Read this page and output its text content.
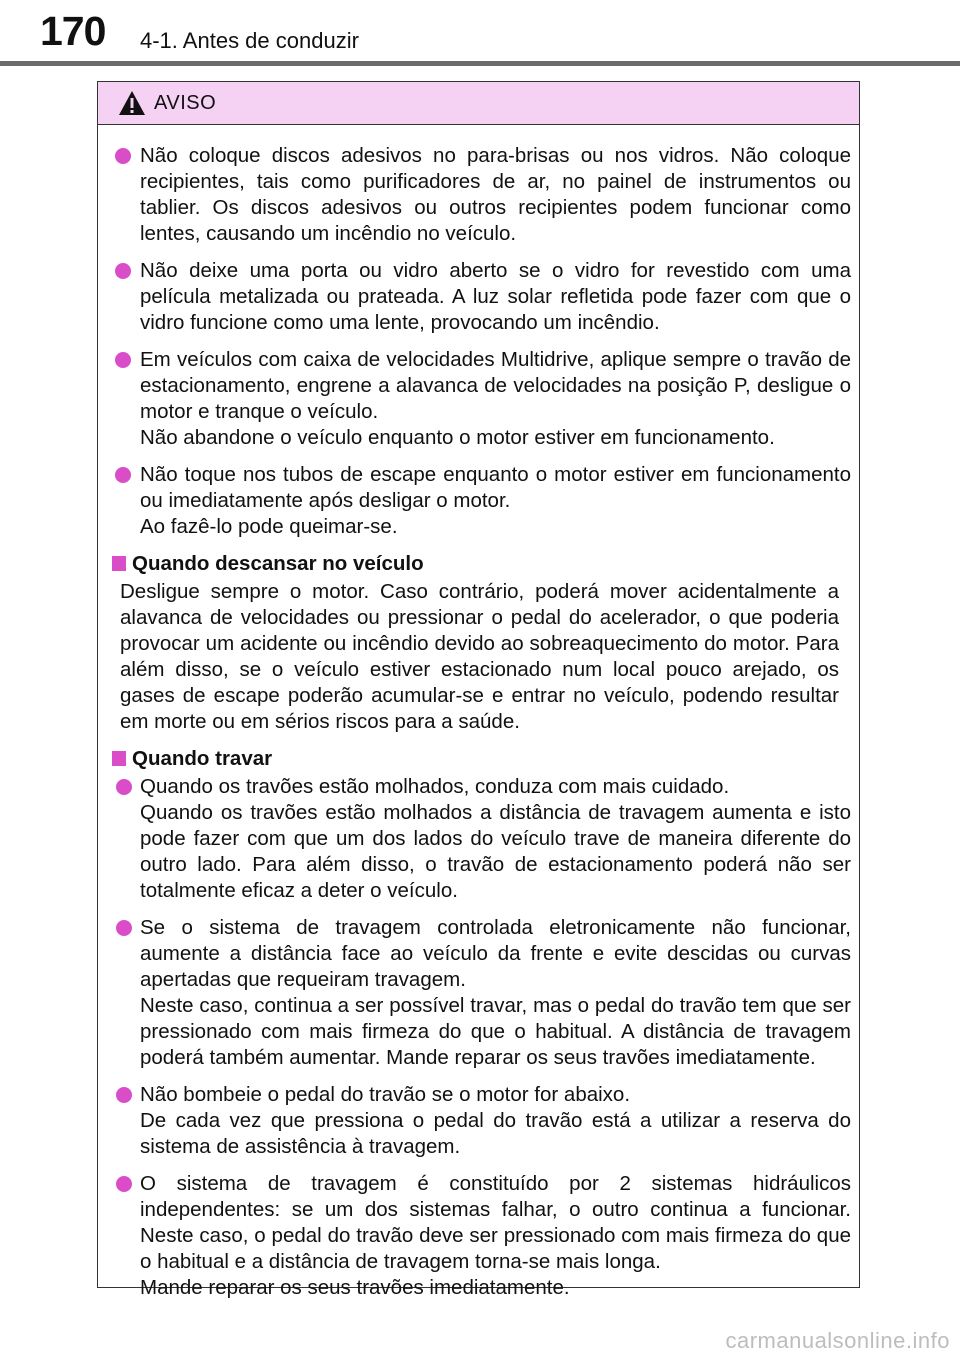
170 4-1. Antes de conduzir
AVISO

Não coloque discos adesivos no para-brisas ou nos vidros. Não coloque recipientes, tais como purificadores de ar, no painel de instrumentos ou tablier. Os discos adesivos ou outros recipientes podem funcionar como lentes, causando um incêndio no veículo.

Não deixe uma porta ou vidro aberto se o vidro for revestido com uma película metalizada ou prateada. A luz solar refletida pode fazer com que o vidro funcione como uma lente, provocando um incêndio.

Em veículos com caixa de velocidades Multidrive, aplique sempre o travão de estacionamento, engrene a alavanca de velocidades na posição P, desligue o motor e tranque o veículo.

Não abandone o veículo enquanto o motor estiver em funcionamento.

Não toque nos tubos de escape enquanto o motor estiver em funcionamento ou imediatamente após desligar o motor.

Ao fazê-lo pode queimar-se.

Quando descansar no veículo

Desligue sempre o motor. Caso contrário, poderá mover acidentalmente a alavanca de velocidades ou pressionar o pedal do acelerador, o que poderia provocar um acidente ou incêndio devido ao sobreaquecimento do motor. Para além disso, se o veículo estiver estacionado num local pouco arejado, os gases de escape poderão acumular-se e entrar no veículo, podendo resultar em morte ou em sérios riscos para a saúde.

Quando travar

Quando os travões estão molhados, conduza com mais cuidado.

Quando os travões estão molhados a distância de travagem aumenta e isto pode fazer com que um dos lados do veículo trave de maneira diferente do outro lado. Para além disso, o travão de estacionamento poderá não ser totalmente eficaz a deter o veículo.

Se o sistema de travagem controlada eletronicamente não funcionar, aumente a distância face ao veículo da frente e evite descidas ou curvas apertadas que requeiram travagem.

Neste caso, continua a ser possível travar, mas o pedal do travão tem que ser pressionado com mais firmeza do que o habitual. A distância de travagem poderá também aumentar. Mande reparar os seus travões imediatamente.

Não bombeie o pedal do travão se o motor for abaixo.

De cada vez que pressiona o pedal do travão está a utilizar a reserva do sistema de assistência à travagem.

O sistema de travagem é constituído por 2 sistemas hidráulicos independentes: se um dos sistemas falhar, o outro continua a funcionar. Neste caso, o pedal do travão deve ser pressionado com mais firmeza do que o habitual e a distância de travagem torna-se mais longa.

Mande reparar os seus travões imediatamente.

carmanualsonline.info
